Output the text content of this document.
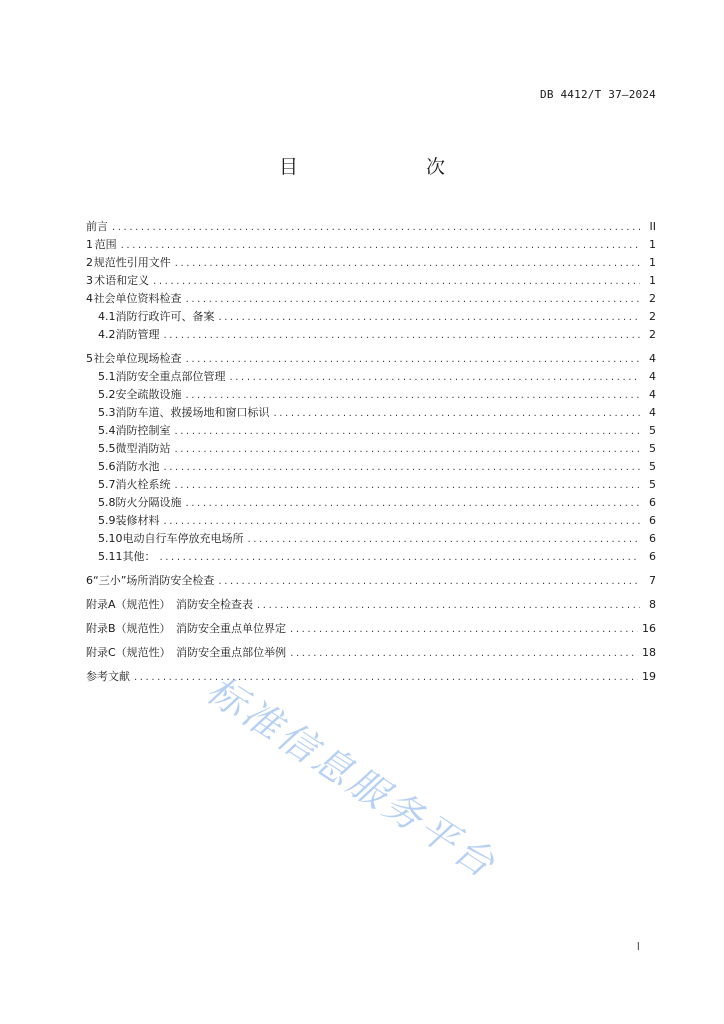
DB 4412/T 37—2024
目　　次
前言 .....	II
1 范围 .....	1
2 规范性引用文件 .....	1
3 术语和定义 .....	1
4 社会单位资料检查 .....	2
4.1 消防行政许可、备案 .....	2
4.2 消防管理 .....	2
5 社会单位现场检查 .....	4
5.1 消防安全重点部位管理 .....	4
5.2 安全疏散设施 .....	4
5.3 消防车道、救援场地和窗口标识 .....	4
5.4 消防控制室 .....	5
5.5 微型消防站 .....	5
5.6 消防水池 .....	5
5.7 消火栓系统 .....	5
5.8 防火分隔设施 .....	6
5.9 装修材料 .....	6
5.10 电动自行车停放充电场所 .....	6
5.11 其他： .....	6
6 “三小”场所消防安全检查 .....	7
附录A（规范性）　消防安全检查表 .....	8
附录B（规范性）　消防安全重点单位界定 .....	16
附录C（规范性）　消防安全重点部位举例 .....	18
参考文献 .....	19
标准信息服务平台
I
